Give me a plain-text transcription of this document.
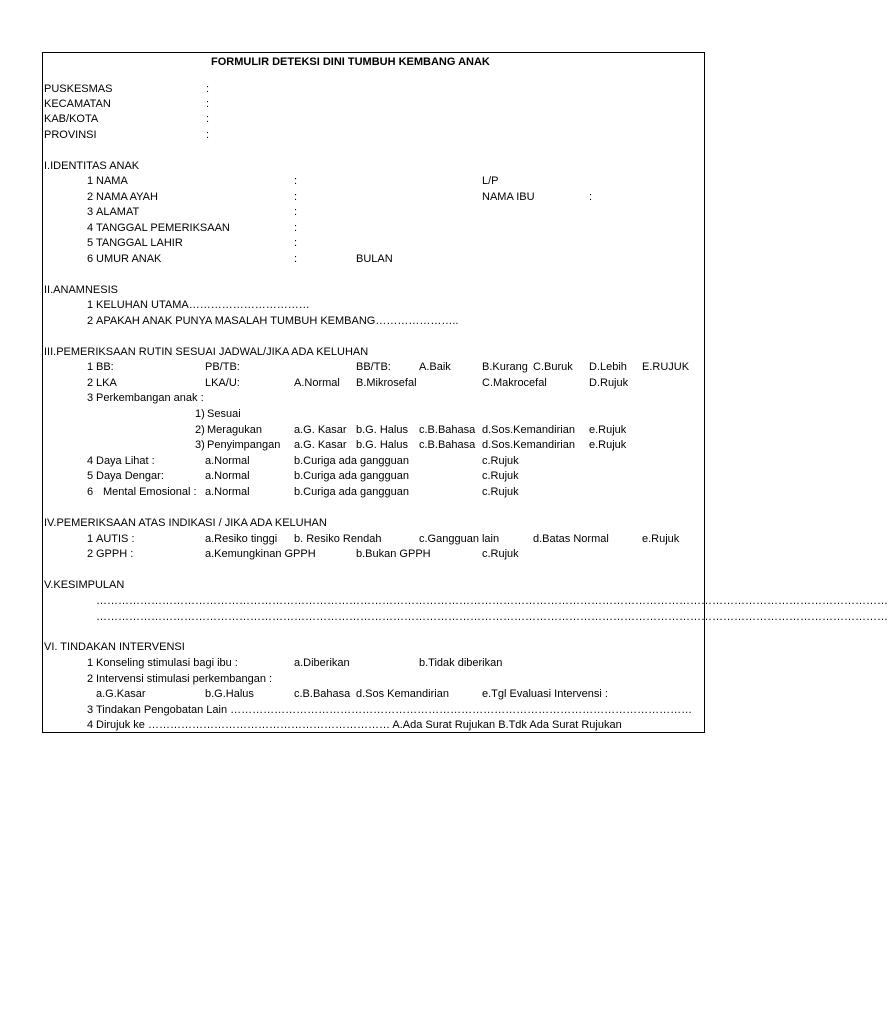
FORMULIR DETEKSI DINI TUMBUH KEMBANG ANAK
PUSKESMAS	:
KECAMATAN	:
KAB/KOTA	:
PROVINSI	:
I.IDENTITAS ANAK
1 NAMA	:	L/P
2 NAMA AYAH	:	NAMA IBU	:
3 ALAMAT	:
4 TANGGAL PEMERIKSAAN	:
5 TANGGAL LAHIR	:
6 UMUR ANAK	:	BULAN
II.ANAMNESIS
1 KELUHAN UTAMA……………………………
2 APAKAH ANAK PUNYA MASALAH TUMBUH KEMBANG…………………..
III.PEMERIKSAAN RUTIN SESUAI JADWAL/JIKA ADA KELUHAN
1 BB:	PB/TB:	BB/TB:	A.Baik	B.Kurang C.Buruk D.Lebih E.RUJUK
2 LKA	LKA/U:	A.Normal B.Mikrosefal	C.Makrocefal	D.Rujuk
3 Perkembangan anak :
1) Sesuai
2) Meragukan	a.G. Kasar b.G. Halus c.B.Bahasa d.Sos.Kemandirian e.Rujuk
3) Penyimpangan a.G. Kasar b.G. Halus c.B.Bahasa d.Sos.Kemandirian e.Rujuk
4 Daya Lihat :	a.Normal	b.Curiga ada gangguan	c.Rujuk
5 Daya Dengar:	a.Normal	b.Curiga ada gangguan	c.Rujuk
6 Mental Emosional : a.Normal	b.Curiga ada gangguan	c.Rujuk
IV.PEMERIKSAAN ATAS INDIKASI / JIKA ADA KELUHAN
1 AUTIS :	a.Resiko tinggi b. Resiko Rendah	c.Gangguan lain	d.Batas Normal	e.Rujuk
2 GPPH :	a.Kemungkinan GPPH	b.Bukan GPPH	c.Rujuk
V.KESIMPULAN
………………………………………………………………………………………………………………………………………………………………………………………………
………………………………………………………………………………………………………………………………………………………………………………………………
VI. TINDAKAN INTERVENSI
1 Konseling stimulasi bagi ibu :	a.Diberikan	b.Tidak diberikan
2 Intervensi stimulasi perkembangan :
a.G.Kasar	b.G.Halus	c.B.Bahasa d.Sos Kemandirian	e.Tgl Evaluasi Intervensi :
3 Tindakan Pengobatan Lain ………………………………………………………………………………………………………………
4 Dirujuk ke ………………………………………………………… A.Ada Surat Rujukan B.Tdk Ada Surat Rujukan
